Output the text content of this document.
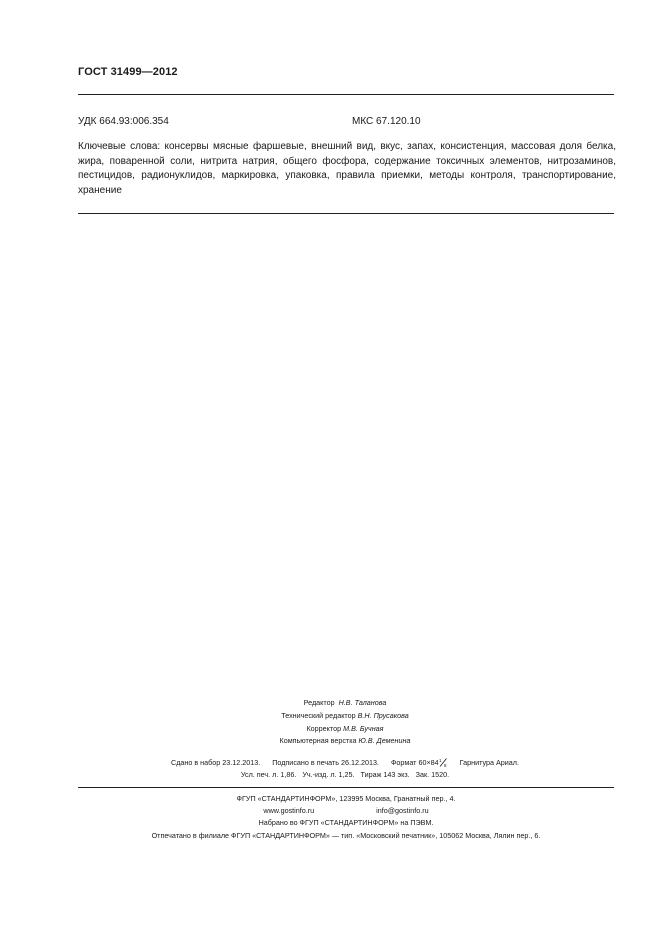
ГОСТ 31499—2012
УДК 664.93:006.354	МКС 67.120.10
Ключевые слова: консервы мясные фаршевые, внешний вид, вкус, запах, консистенция, массовая доля белка, жира, поваренной соли, нитрита натрия, общего фосфора, содержание токсичных элементов, нитрозаминов, пестицидов, радионуклидов, маркировка, упаковка, правила приемки, методы контроля, транспортирование, хранение
Редактор Н.В. Таланова
Технический редактор В.Н. Прусакова
Корректор М.В. Бучная
Компьютерная верстка Ю.В. Деменина
Сдано в набор 23.12.2013. Подписано в печать 26.12.2013. Формат 60×84 1
8 Гарнитура Ариал.
Усл. печ. л. 1,86. Уч.-изд. л. 1,25. Тираж 143 экз. Зак. 1520.
ФГУП «СТАНДАРТИНФОРМ», 123995 Москва, Гранатный пер., 4.
www.gostinfo.ru	info@gostinfo.ru
Набрано во ФГУП «СТАНДАРТИНФОРМ» на ПЭВМ.
Отпечатано в филиале ФГУП «СТАНДАРТИНФОРМ» — тип. «Московский печатник», 105062 Москва, Лялин пер., 6.
